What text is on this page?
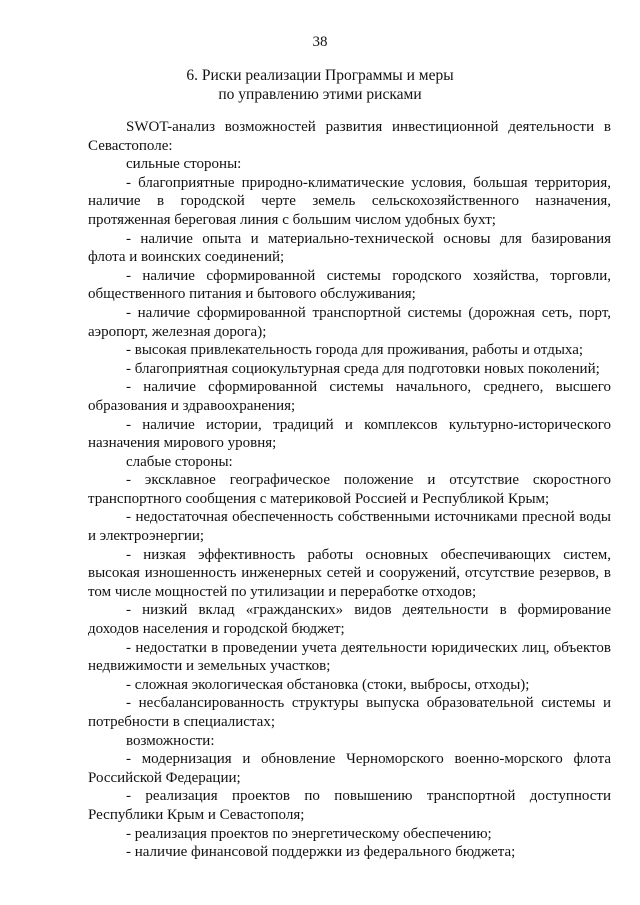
38
6. Риски реализации Программы и меры
по управлению этими рисками

SWOT-анализ возможностей развития инвестиционной деятельности в Севастополе:

сильные стороны:

- благоприятные природно-климатические условия, большая территория, наличие в городской черте земель сельскохозяйственного назначения, протяженная береговая линия с большим числом удобных бухт;

- наличие опыта и материально-технической основы для базирования флота и воинских соединений;

- наличие сформированной системы городского хозяйства, торговли, общественного питания и бытового обслуживания;

- наличие сформированной транспортной системы (дорожная сеть, порт, аэропорт, железная дорога);

- высокая привлекательность города для проживания, работы и отдыха;

- благоприятная социокультурная среда для подготовки новых поколений;

- наличие сформированной системы начального, среднего, высшего образования и здравоохранения;

- наличие истории, традиций и комплексов культурно-исторического назначения мирового уровня;

слабые стороны:

- эксклавное географическое положение и отсутствие скоростного транспортного сообщения с материковой Россией и Республикой Крым;

- недостаточная обеспеченность собственными источниками пресной воды и электроэнергии;

- низкая эффективность работы основных обеспечивающих систем, высокая изношенность инженерных сетей и сооружений, отсутствие резервов, в том числе мощностей по утилизации и переработке отходов;

- низкий вклад «гражданских» видов деятельности в формирование доходов населения и городской бюджет;

- недостатки в проведении учета деятельности юридических лиц, объектов недвижимости и земельных участков;

- сложная экологическая обстановка (стоки, выбросы, отходы);

- несбалансированность структуры выпуска образовательной системы и потребности в специалистах;

возможности:

- модернизация и обновление Черноморского военно-морского флота Российской Федерации;

- реализация проектов по повышению транспортной доступности Республики Крым и Севастополя;

- реализация проектов по энергетическому обеспечению;

- наличие финансовой поддержки из федерального бюджета;
